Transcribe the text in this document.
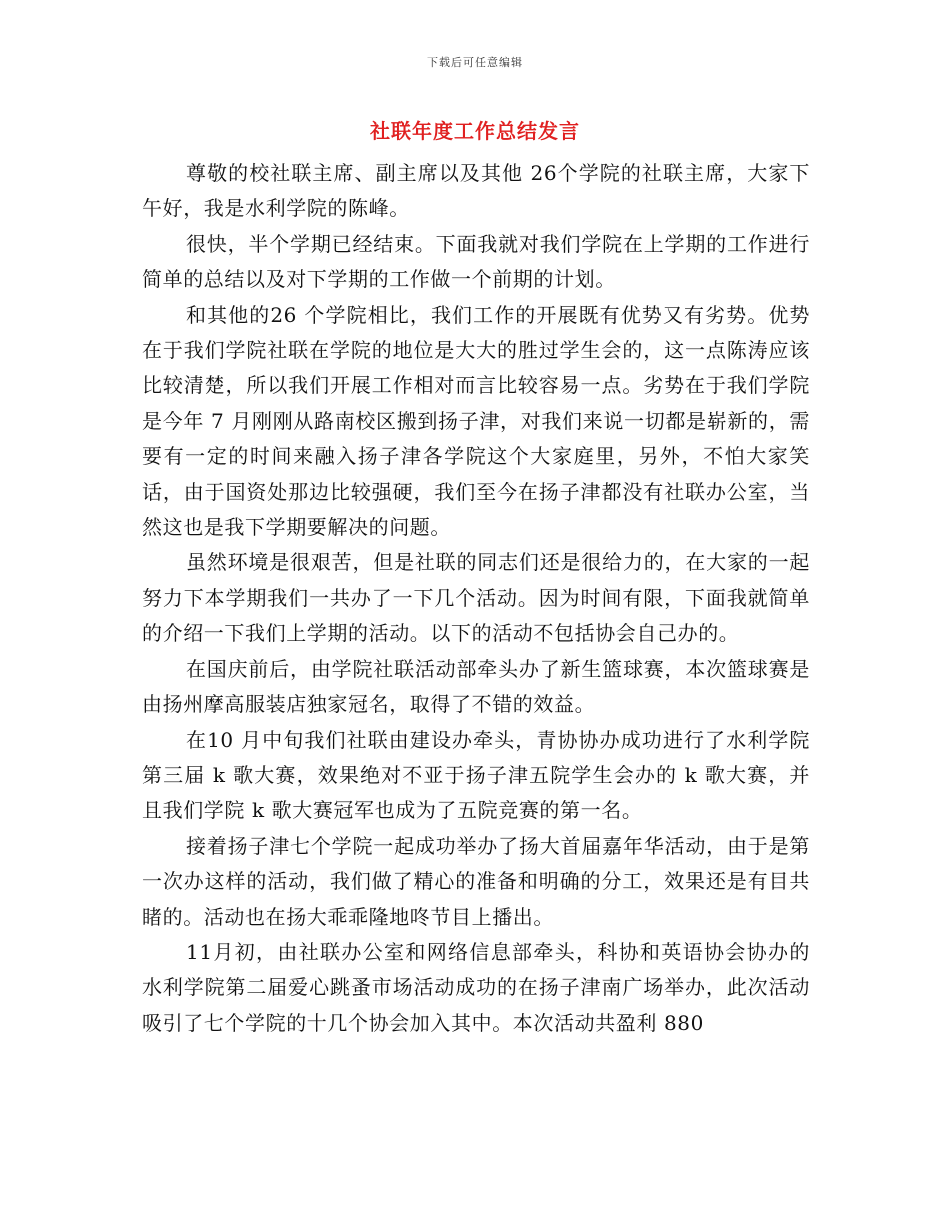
下载后可任意编辑
社联年度工作总结发言

尊敬的校社联主席、副主席以及其他 26个学院的社联主席，大家下午好，我是水利学院的陈峰。

很快，半个学期已经结束。下面我就对我们学院在上学期的工作进行简单的总结以及对下学期的工作做一个前期的计划。

和其他的26 个学院相比，我们工作的开展既有优势又有劣势。优势在于我们学院社联在学院的地位是大大的胜过学生会的，这一点陈涛应该比较清楚，所以我们开展工作相对而言比较容易一点。劣势在于我们学院是今年 7 月刚刚从路南校区搬到扬子津，对我们来说一切都是崭新的，需要有一定的时间来融入扬子津各学院这个大家庭里，另外，不怕大家笑话，由于国资处那边比较强硬，我们至今在扬子津都没有社联办公室，当然这也是我下学期要解决的问题。

虽然环境是很艰苦，但是社联的同志们还是很给力的，在大家的一起努力下本学期我们一共办了一下几个活动。因为时间有限，下面我就简单的介绍一下我们上学期的活动。以下的活动不包括协会自己办的。

在国庆前后，由学院社联活动部牵头办了新生篮球赛，本次篮球赛是由扬州摩高服装店独家冠名，取得了不错的效益。

在10 月中旬我们社联由建设办牵头，青协协办成功进行了水利学院第三届 k 歌大赛，效果绝对不亚于扬子津五院学生会办的 k 歌大赛，并且我们学院 k 歌大赛冠军也成为了五院竞赛的第一名。

接着扬子津七个学院一起成功举办了扬大首届嘉年华活动，由于是第一次办这样的活动，我们做了精心的准备和明确的分工，效果还是有目共睹的。活动也在扬大乖乖隆地咚节目上播出。

11月初，由社联办公室和网络信息部牵头，科协和英语协会协办的水利学院第二届爱心跳蚤市场活动成功的在扬子津南广场举办，此次活动吸引了七个学院的十几个协会加入其中。本次活动共盈利 880
